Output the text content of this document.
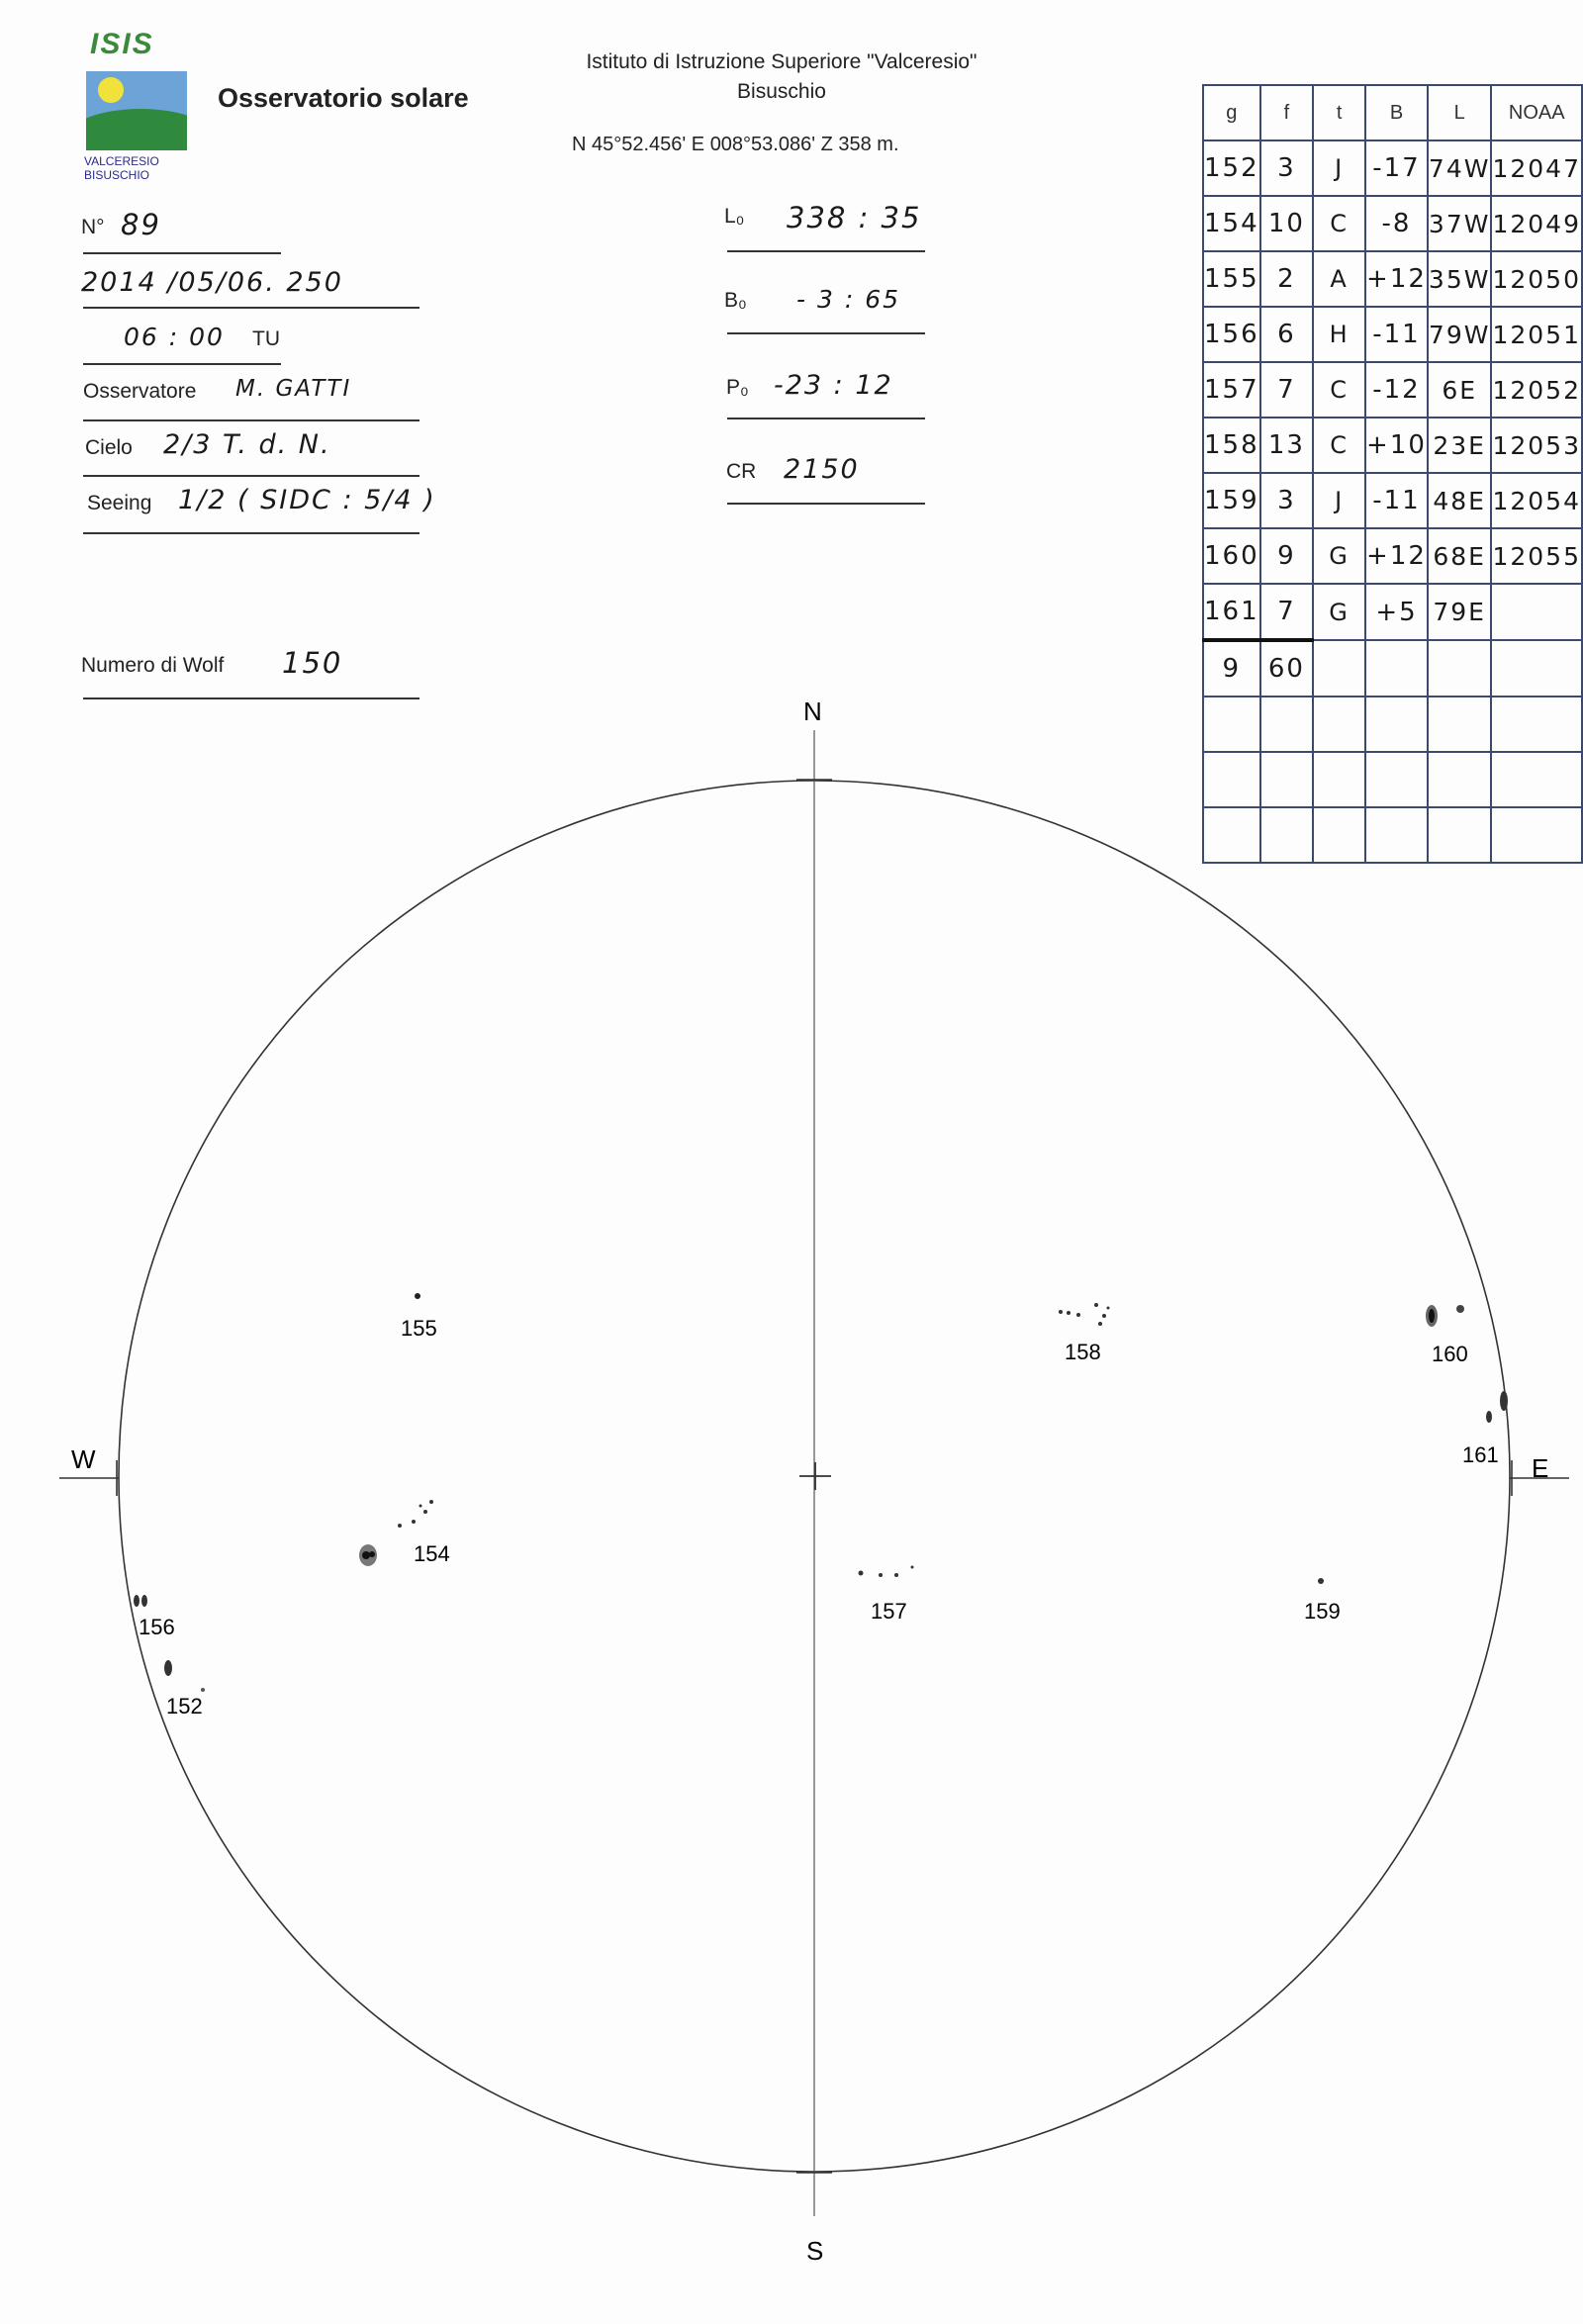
ISIS
VALCERESIO
BISUSCHIO
Osservatorio solare
Istituto di Istruzione Superiore "Valceresio"
Bisuschio
N 45°52.456' E 008°53.086' Z 358 m.
N° 89
2014 /05/06. 250
06 : 00 TU
Osservatore M. GATTI
Cielo 2/3 T. d. N.
Seeing 1/2 ( SIDC : 5/4 )
Numero di Wolf 150
L₀ 338 : 35
B₀ - 3 : 65
P₀ -23 : 12
CR 2150
g	f	t	B	L	NOAA
152	3	J	-17	74W	12047
154	10	C	-8	37W	12049
155	2	A	+12	35W	12050
156	6	H	-11	79W	12051
157	7	C	-12	6E	12052
158	13	C	+10	23E	12053
159	3	J	-11	48E	12054
160	9	G	+12	68E	12055
161	7	G	+5	79E	
9	60				

N
S
W	E
155
154
156
152
157
158
159
160
161
